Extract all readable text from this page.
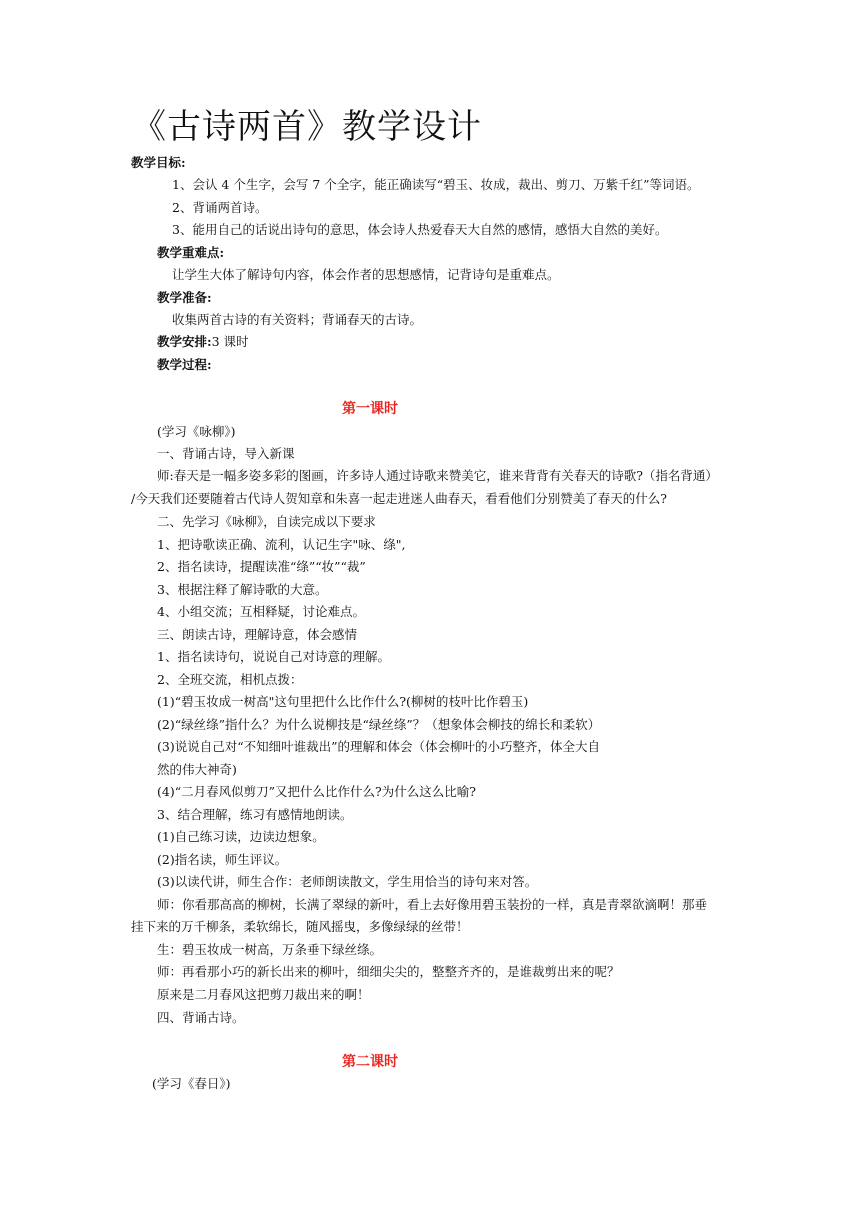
《古诗两首》教学设计
教学目标:
1、会认 4 个生字，会写 7 个全字，能正确读写“碧玉、妆成，裁出、剪刀、万紫千红”等词语。
2、背诵两首诗。
3、能用自己的话说出诗句的意思，体会诗人热爱春天大自然的感情，感悟大自然的美好。
教学重难点:
让学生大体了解诗句内容，体会作者的思想感情，记背诗句是重难点。
教学准备:
收集两首古诗的有关资料；背诵春天的古诗。
教学安排:3 课时
教学过程:
第一课时
(学习《咏柳》)
一、背诵古诗，导入新课
师:春天是一幅多姿多彩的图画，许多诗人通过诗歌来赞美它，谁来背背有关春天的诗歌?（指名背通）
/今天我们还要随着古代诗人贺知章和朱喜一起走进迷人曲春天，看看他们分别赞美了春天的什么?
二、先学习《咏柳》，自读完成以下要求
1、把诗歌读正确、流利，认记生字"咏、绦",
2、指名读诗，提醒读准“绦”“妆”“裁”
3、根据注释了解诗歌的大意。
4、小组交流；互相释疑，讨论难点。
三、朗读古诗，理解诗意，体会感情
1、指名读诗句，说说自己对诗意的理解。
2、全班交流，相机点拨：
(1)“碧玉妆成一树高"这句里把什么比作什么?(柳树的枝叶比作碧玉)
(2)“绿丝绦”指什么？为什么说柳技是“绿丝绦”？（想象体会柳技的绵长和柔软）
(3)说说自己对“不知细叶谁裁出”的理解和体会（体会柳叶的小巧整齐，体全大自
然的伟大神奇)
(4)“二月春风似剪刀”又把什么比作什么?为什么这么比喻?
3、结合理解，练习有感情地朗读。
(1)自己练习读，边读边想象。
(2)指名读，师生评议。
(3)以读代讲，师生合作：老师朗读散文，学生用恰当的诗句来对答。
师：你看那高高的柳树，长满了翠绿的新叶，看上去好像用碧玉装扮的一样，真是青翠欲滴啊！那垂
挂下来的万千柳条，柔软绵长，随风摇曳，多像绿绿的丝带！
生：碧玉妆成一树高，万条垂下绿丝绦。
师：再看那小巧的新长出来的柳叶，细细尖尖的，整整齐齐的，是谁裁剪出来的呢？
原来是二月春风这把剪刀裁出来的啊！
四、背诵古诗。
第二课时
(学习《春日》)
